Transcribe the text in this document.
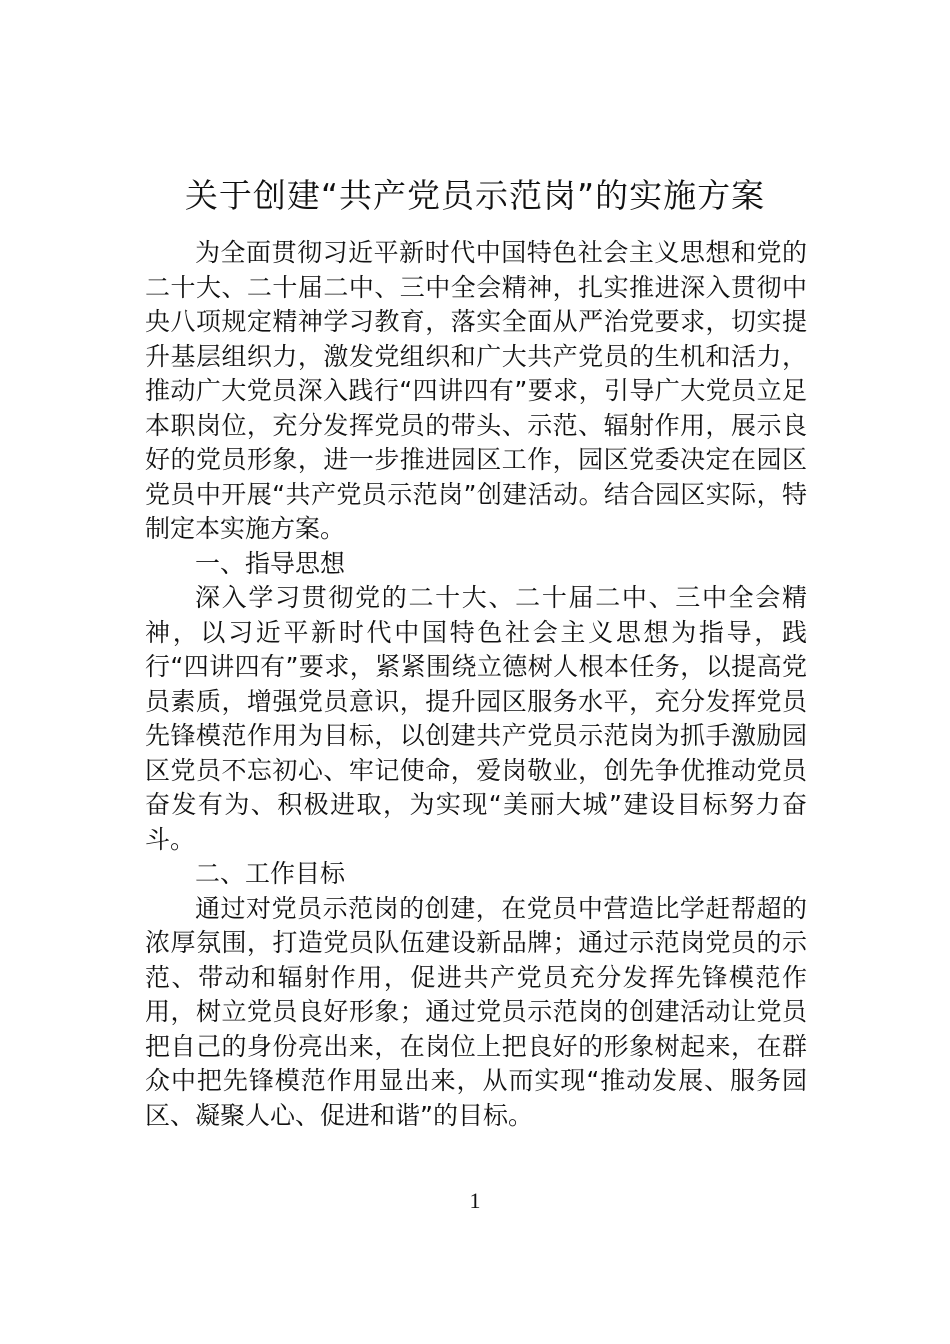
关于创建“共产党员示范岗”的实施方案

为全面贯彻习近平新时代中国特色社会主义思想和党的二十大、二十届二中、三中全会精神，扎实推进深入贯彻中央八项规定精神学习教育，落实全面从严治党要求，切实提升基层组织力，激发党组织和广大共产党员的生机和活力，推动广大党员深入践行“四讲四有”要求，引导广大党员立足本职岗位，充分发挥党员的带头、示范、辐射作用，展示良好的党员形象，进一步推进园区工作，园区党委决定在园区党员中开展“共产党员示范岗”创建活动。结合园区实际，特制定本实施方案。

一、指导思想

深入学习贯彻党的二十大、二十届二中、三中全会精神，以习近平新时代中国特色社会主义思想为指导，践行“四讲四有”要求，紧紧围绕立德树人根本任务，以提高党员素质，增强党员意识，提升园区服务水平，充分发挥党员先锋模范作用为目标，以创建共产党员示范岗为抓手激励园区党员不忘初心、牢记使命，爱岗敬业，创先争优推动党员奋发有为、积极进取，为实现“美丽大城”建设目标努力奋斗。

二、工作目标

通过对党员示范岗的创建，在党员中营造比学赶帮超的浓厚氛围，打造党员队伍建设新品牌；通过示范岗党员的示范、带动和辐射作用，促进共产党员充分发挥先锋模范作用，树立党员良好形象；通过党员示范岗的创建活动让党员把自己的身份亮出来，在岗位上把良好的形象树起来，在群众中把先锋模范作用显出来，从而实现“推动发展、服务园区、凝聚人心、促进和谐”的目标。

1
